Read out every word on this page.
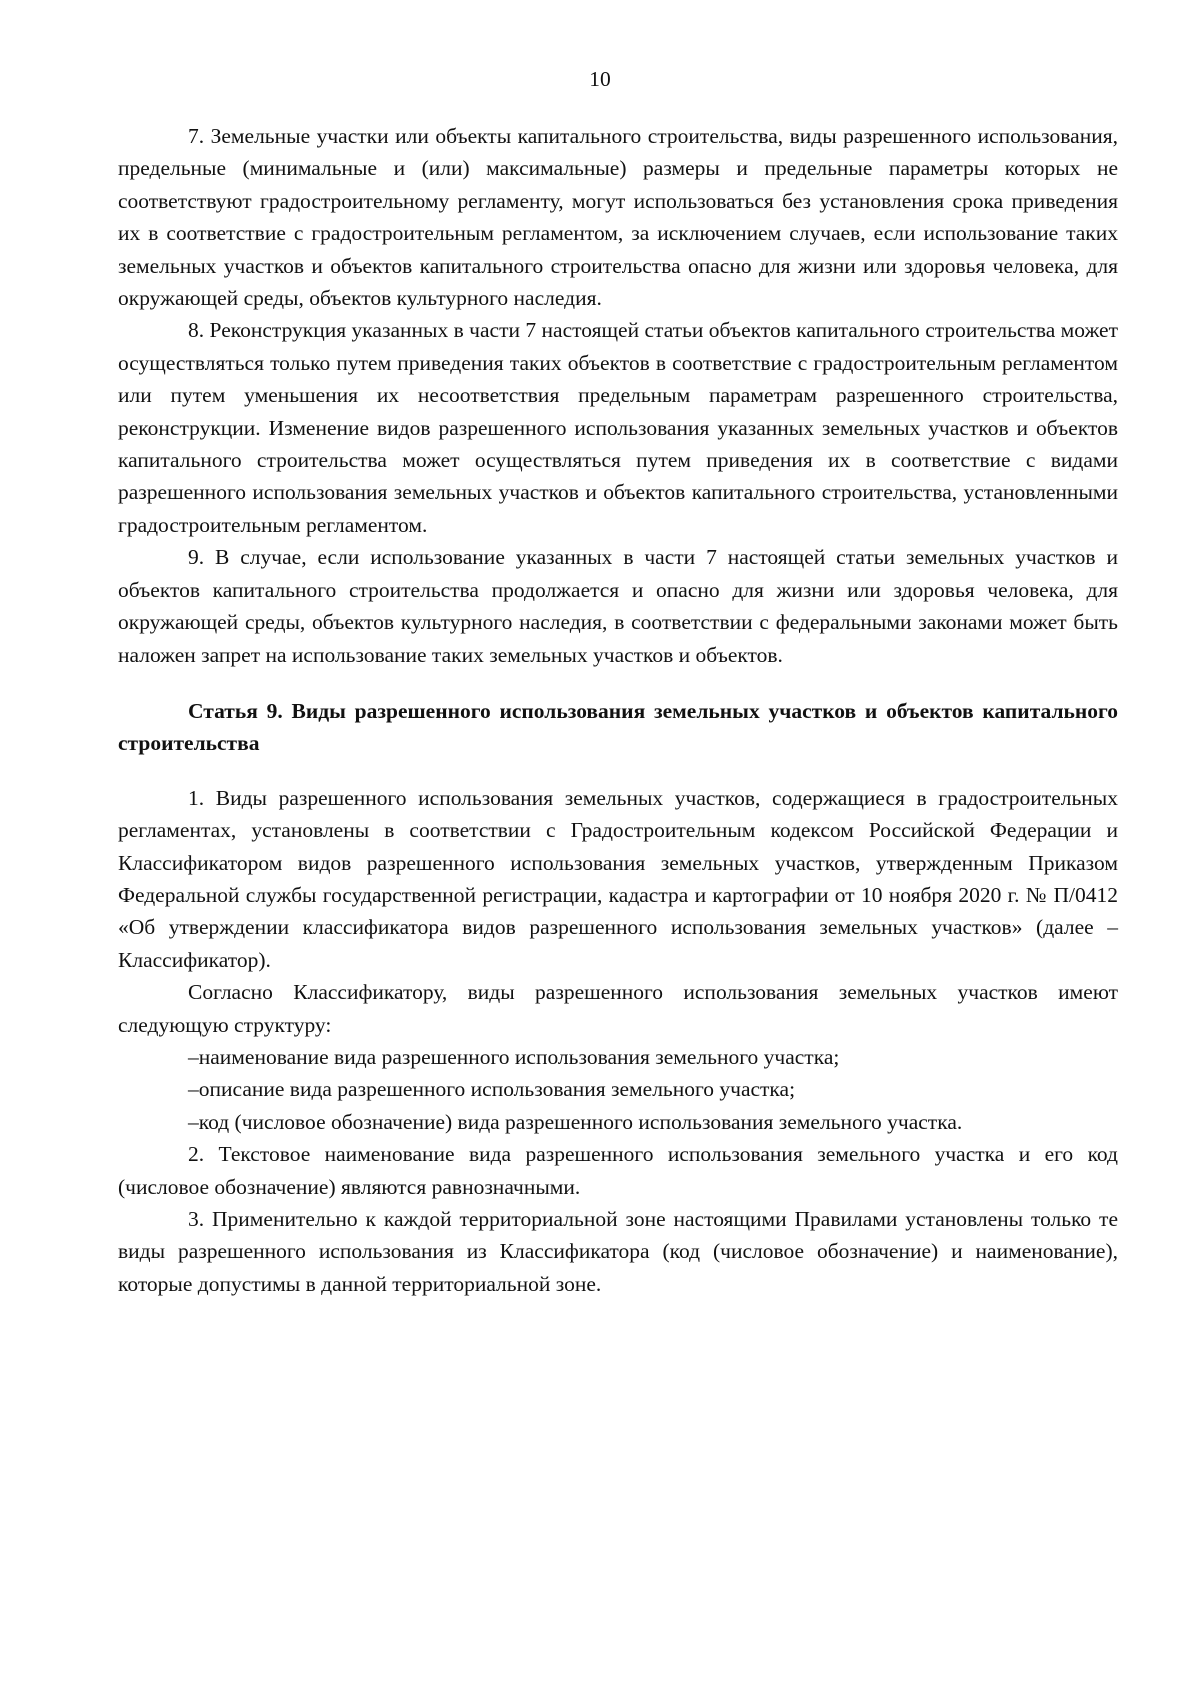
10

7. Земельные участки или объекты капитального строительства, виды разрешенного использования, предельные (минимальные и (или) максимальные) размеры и предельные параметры которых не соответствуют градостроительному регламенту, могут использоваться без установления срока приведения их в соответствие с градостроительным регламентом, за исключением случаев, если использование таких земельных участков и объектов капитального строительства опасно для жизни или здоровья человека, для окружающей среды, объектов культурного наследия.

8. Реконструкция указанных в части 7 настоящей статьи объектов капитального строительства может осуществляться только путем приведения таких объектов в соответствие с градостроительным регламентом или путем уменьшения их несоответствия предельным параметрам разрешенного строительства, реконструкции. Изменение видов разрешенного использования указанных земельных участков и объектов капитального строительства может осуществляться путем приведения их в соответствие с видами разрешенного использования земельных участков и объектов капитального строительства, установленными градостроительным регламентом.

9. В случае, если использование указанных в части 7 настоящей статьи земельных участков и объектов капитального строительства продолжается и опасно для жизни или здоровья человека, для окружающей среды, объектов культурного наследия, в соответствии с федеральными законами может быть наложен запрет на использование таких земельных участков и объектов.

Статья 9. Виды разрешенного использования земельных участков и объектов капитального строительства

1. Виды разрешенного использования земельных участков, содержащиеся в градостроительных регламентах, установлены в соответствии с Градостроительным кодексом Российской Федерации и Классификатором видов разрешенного использования земельных участков, утвержденным Приказом Федеральной службы государственной регистрации, кадастра и картографии от 10 ноября 2020 г. № П/0412 «Об утверждении классификатора видов разрешенного использования земельных участков» (далее – Классификатор).

Согласно Классификатору, виды разрешенного использования земельных участков имеют следующую структуру:

–наименование вида разрешенного использования земельного участка;

–описание вида разрешенного использования земельного участка;

–код (числовое обозначение) вида разрешенного использования земельного участка.

2. Текстовое наименование вида разрешенного использования земельного участка и его код (числовое обозначение) являются равнозначными.

3. Применительно к каждой территориальной зоне настоящими Правилами установлены только те виды разрешенного использования из Классификатора (код (числовое обозначение) и наименование), которые допустимы в данной территориальной зоне.
